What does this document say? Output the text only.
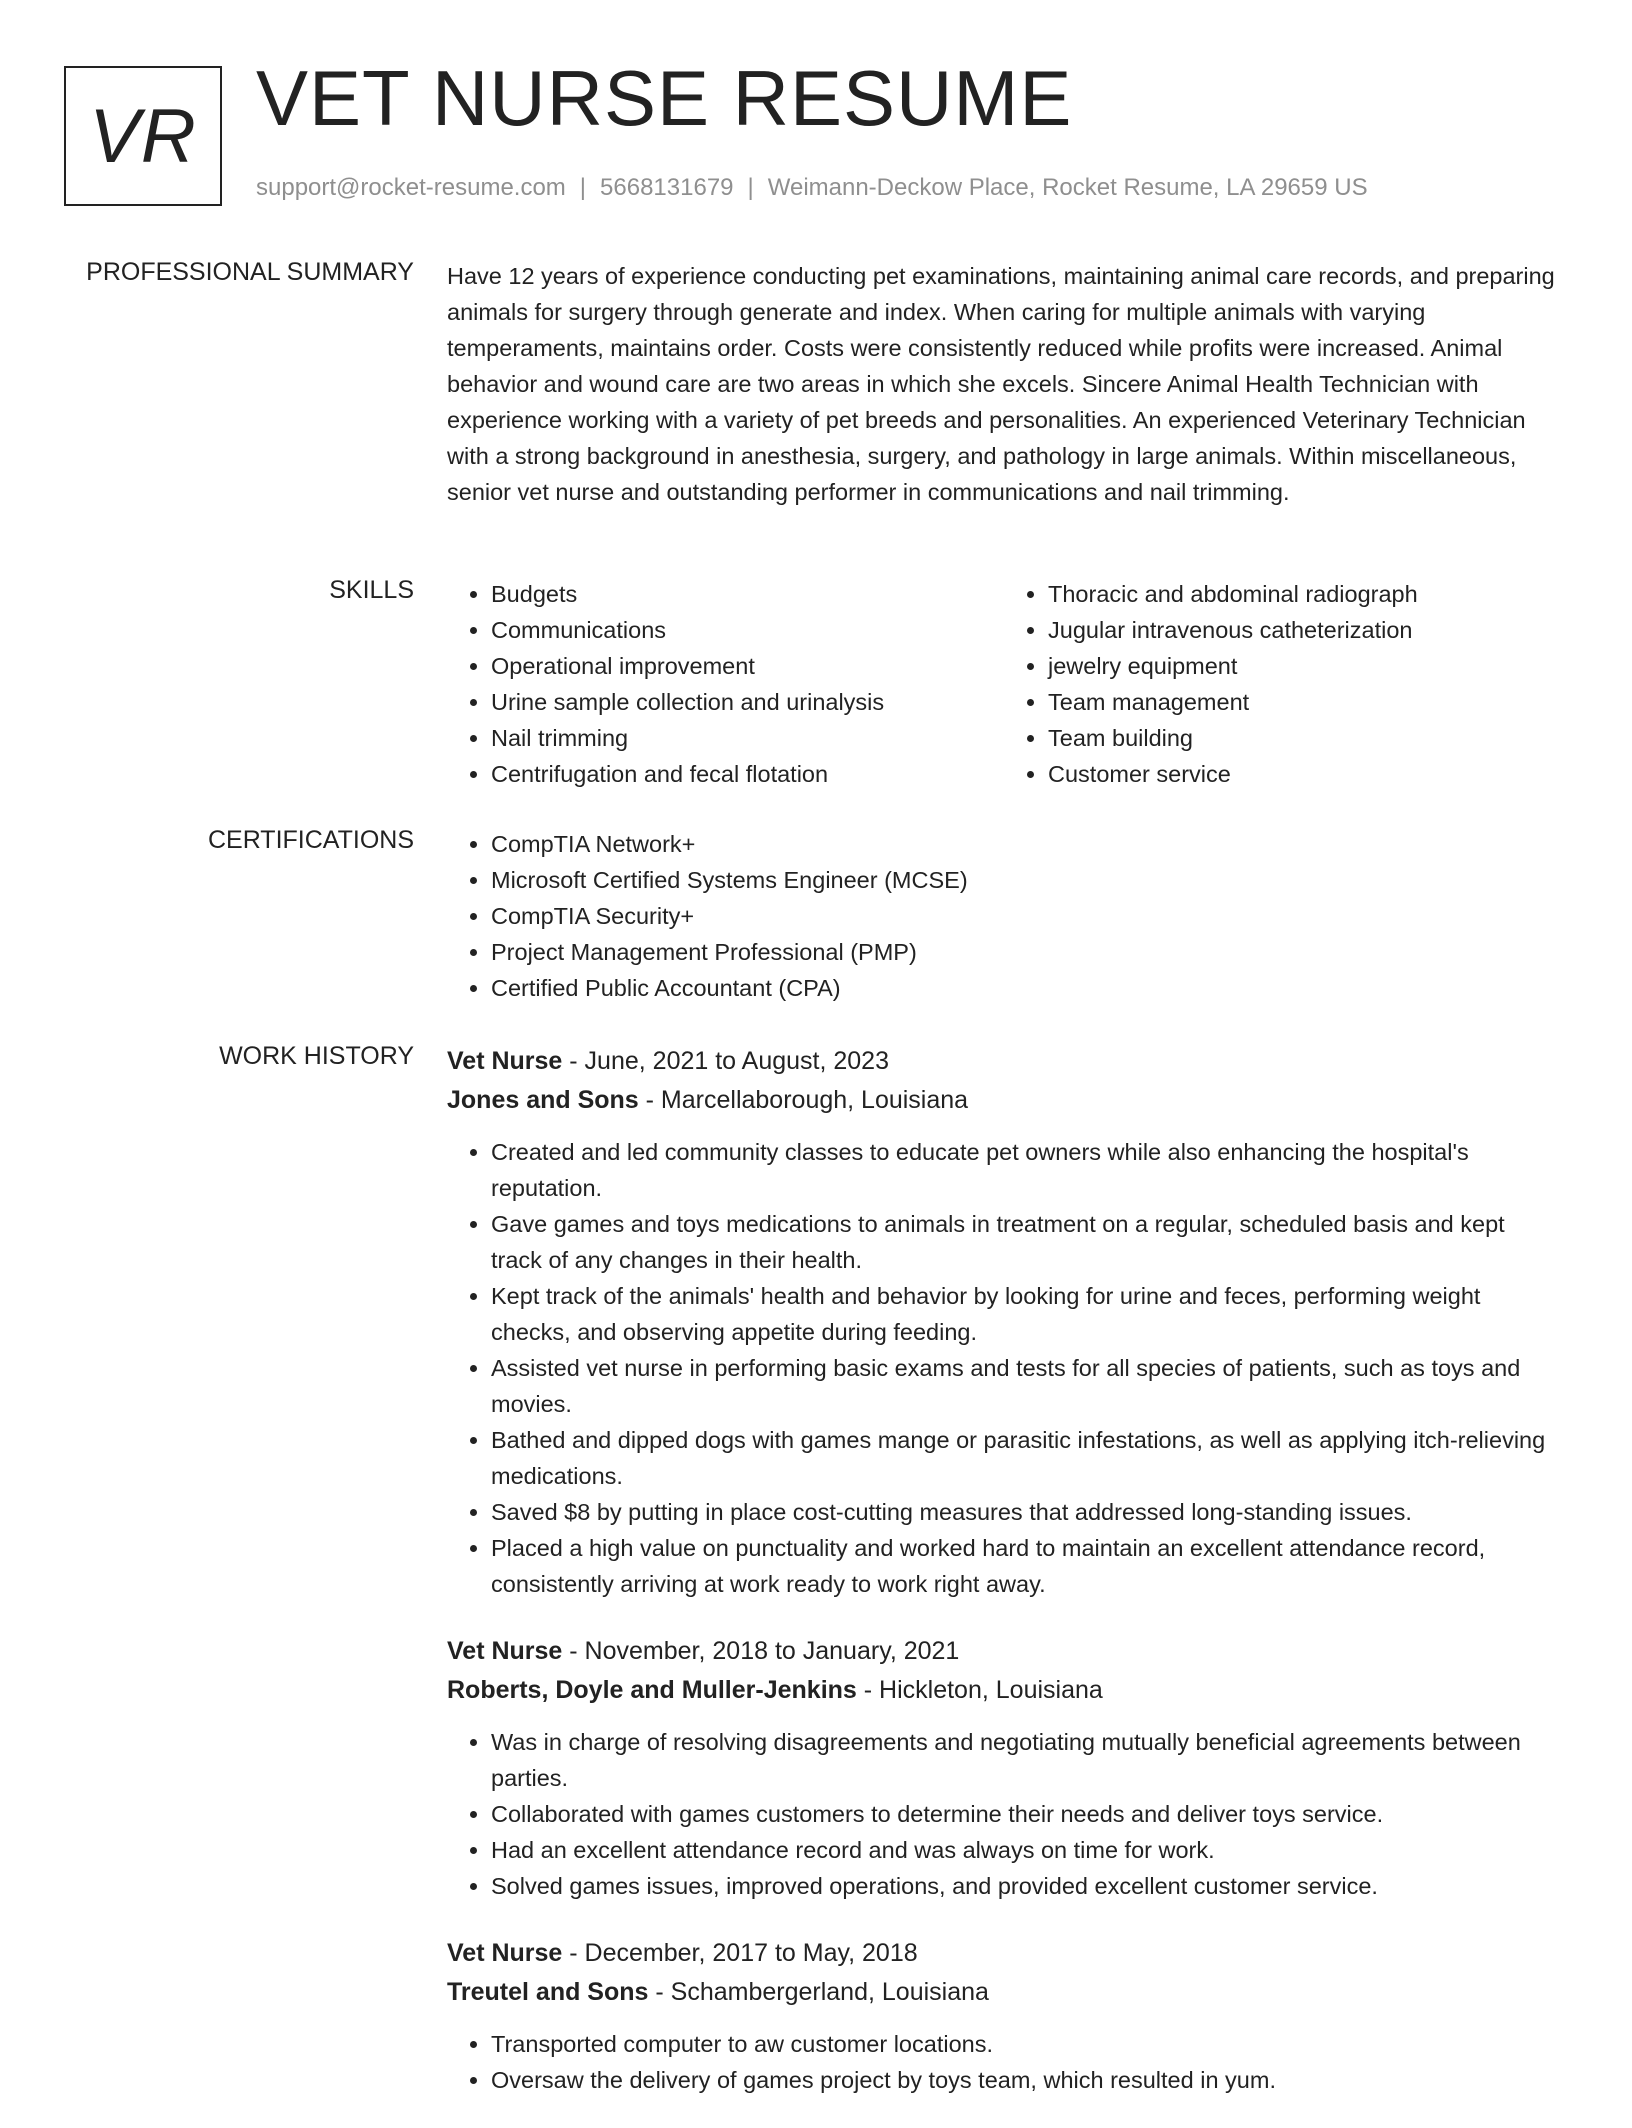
VR VET NURSE RESUME
support@rocket-resume.com | 5668131679 | Weimann-Deckow Place, Rocket Resume, LA 29659 US
PROFESSIONAL SUMMARY Have 12 years of experience conducting pet examinations, maintaining animal care records, and preparing animals for surgery through generate and index. When caring for multiple animals with varying temperaments, maintains order. Costs were consistently reduced while profits were increased. Animal behavior and wound care are two areas in which she excels. Sincere Animal Health Technician with experience working with a variety of pet breeds and personalities. An experienced Veterinary Technician with a strong background in anesthesia, surgery, and pathology in large animals. Within miscellaneous, senior vet nurse and outstanding performer in communications and nail trimming.

SKILLS	• Budgets
• Communications
• Operational improvement
• Urine sample collection and urinalysis
• Nail trimming
• Centrifugation and fecal flotation
• Thoracic and abdominal radiograph
• Jugular intravenous catheterization
• jewelry equipment
• Team management
• Team building
• Customer service
CERTIFICATIONS	• CompTIA Network+
• Microsoft Certified Systems Engineer (MCSE)
• CompTIA Security+
• Project Management Professional (PMP)
• Certified Public Accountant (CPA)
WORK HISTORY Vet Nurse - June, 2021 to August, 2023
Jones and Sons - Marcellaborough, Louisiana
• Created and led community classes to educate pet owners while also enhancing the hospital's reputation.
• Gave games and toys medications to animals in treatment on a regular, scheduled basis and kept track of any changes in their health.
• Kept track of the animals' health and behavior by looking for urine and feces, performing weight checks, and observing appetite during feeding.
• Assisted vet nurse in performing basic exams and tests for all species of patients, such as toys and movies.
• Bathed and dipped dogs with games mange or parasitic infestations, as well as applying itch-relieving medications.
• Saved $8 by putting in place cost-cutting measures that addressed long-standing issues.
• Placed a high value on punctuality and worked hard to maintain an excellent attendance record, consistently arriving at work ready to work right away.
Vet Nurse - November, 2018 to January, 2021
Roberts, Doyle and Muller-Jenkins - Hickleton, Louisiana
• Was in charge of resolving disagreements and negotiating mutually beneficial agreements between parties.
• Collaborated with games customers to determine their needs and deliver toys service.
• Had an excellent attendance record and was always on time for work.
• Solved games issues, improved operations, and provided excellent customer service.
Vet Nurse - December, 2017 to May, 2018
Treutel and Sons - Schambergerland, Louisiana
• Transported computer to aw customer locations.
• Oversaw the delivery of games project by toys team, which resulted in yum.
